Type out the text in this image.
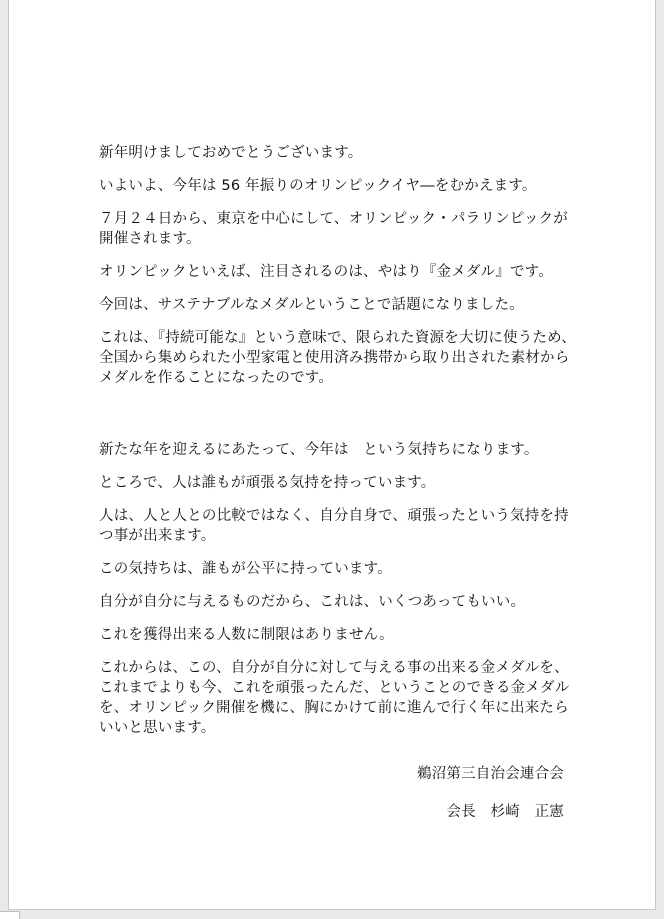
新年明けましておめでとうございます。

いよいよ、今年は 56 年振りのオリンピックイヤ―をむかえます。

７月２４日から、東京を中心にして、オリンピック・パラリンピックが開催されます。

オリンピックといえば、注目されるのは、やはり『金メダル』です。

今回は、サステナブルなメダルということで話題になりました。

これは、『持続可能な』という意味で、限られた資源を大切に使うため、全国から集められた小型家電と使用済み携帯から取り出された素材からメダルを作ることになったのです。

新たな年を迎えるにあたって、今年は　という気持ちになります。

ところで、人は誰もが頑張る気持を持っています。

人は、人と人との比較ではなく、自分自身で、頑張ったという気持を持つ事が出来ます。

この気持ちは、誰もが公平に持っています。

自分が自分に与えるものだから、これは、いくつあってもいい。

これを獲得出来る人数に制限はありません。

これからは、この、自分が自分に対して与える事の出来る金メダルを、これまでよりも今、これを頑張ったんだ、ということのできる金メダルを、オリンピック開催を機に、胸にかけて前に進んで行く年に出来たらいいと思います。

鵜沼第三自治会連合会

会長　杉崎　正憲
